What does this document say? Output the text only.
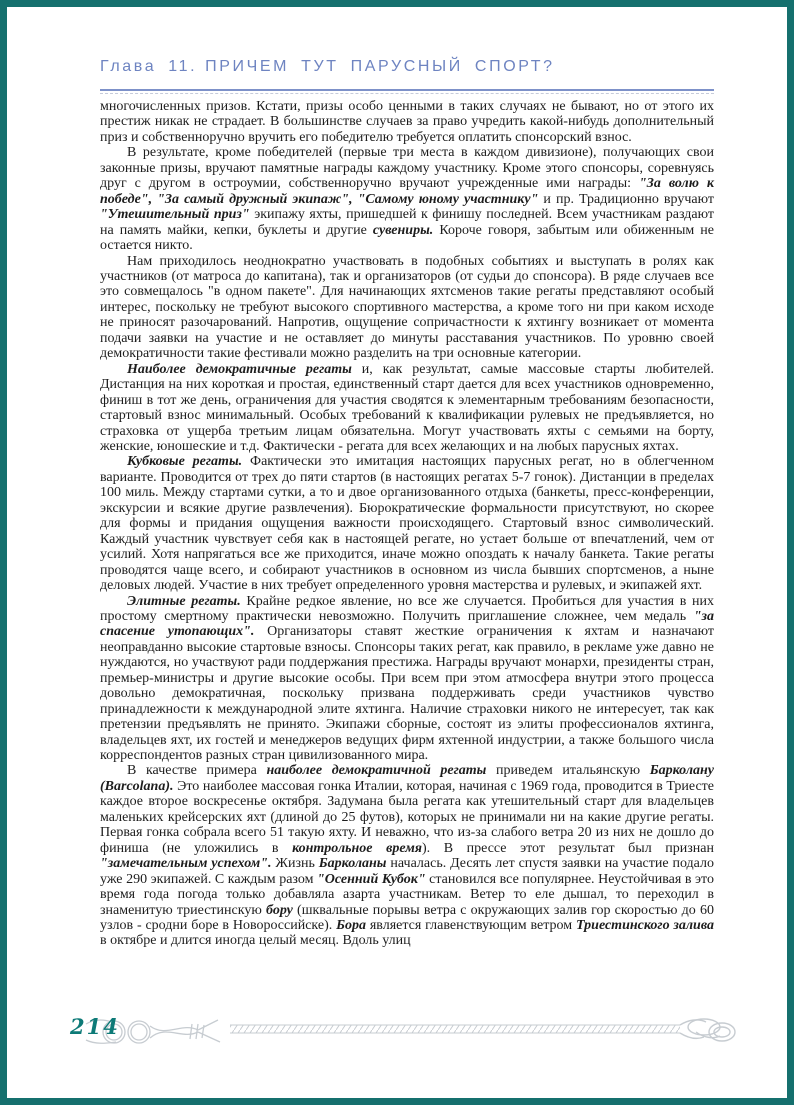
Глава 11. ПРИЧЕМ ТУТ ПАРУСНЫЙ СПОРТ?

многочисленных призов. Кстати, призы особо ценными в таких случаях не бывают, но от этого их престиж никак не страдает. В большинстве случаев за право учредить какой-нибудь дополнительный приз и собственноручно вручить его победителю требуется оплатить спонсорский взнос.

В результате, кроме победителей (первые три места в каждом дивизионе), получающих свои законные призы, вручают памятные награды каждому участнику. Кроме этого спонсоры, соревнуясь друг с другом в остроумии, собственноручно вручают учрежденные ими награды: "За волю к победе", "За самый дружный экипаж", "Самому юному участнику" и пр. Традиционно вручают "Утешительный приз" экипажу яхты, пришедшей к финишу последней. Всем участникам раздают на память майки, кепки, буклеты и другие сувениры. Короче говоря, забытым или обиженным не остается никто.

Нам приходилось неоднократно участвовать в подобных событиях и выступать в ролях как участников (от матроса до капитана), так и организаторов (от судьи до спонсора). В ряде случаев все это совмещалось "в одном пакете". Для начинающих яхтсменов такие регаты представляют особый интерес, поскольку не требуют высокого спортивного мастерства, а кроме того ни при каком исходе не приносят разочарований. Напротив, ощущение сопричастности к яхтингу возникает от момента подачи заявки на участие и не оставляет до минуты расставания участников. По уровню своей демократичности такие фестивали можно разделить на три основные категории.

Наиболее демократичные регаты и, как результат, самые массовые старты любителей. Дистанция на них короткая и простая, единственный старт дается для всех участников одновременно, финиш в тот же день, ограничения для участия сводятся к элементарным требованиям безопасности, стартовый взнос минимальный. Особых требований к квалификации рулевых не предъявляется, но страховка от ущерба третьим лицам обязательна. Могут участвовать яхты с семьями на борту, женские, юношеские и т.д. Фактически - регата для всех желающих и на любых парусных яхтах.

Кубковые регаты. Фактически это имитация настоящих парусных регат, но в облегченном варианте. Проводится от трех до пяти стартов (в настоящих регатах 5-7 гонок). Дистанции в пределах 100 миль. Между стартами сутки, а то и двое организованного отдыха (банкеты, пресс-конференции, экскурсии и всякие другие развлечения). Бюрократические формальности присутствуют, но скорее для формы и придания ощущения важности происходящего. Стартовый взнос символический. Каждый участник чувствует себя как в настоящей регате, но устает больше от впечатлений, чем от усилий. Хотя напрягаться все же приходится, иначе можно опоздать к началу банкета. Такие регаты проводятся чаще всего, и собирают участников в основном из числа бывших спортсменов, а ныне деловых людей. Участие в них требует определенного уровня мастерства и рулевых, и экипажей яхт.

Элитные регаты. Крайне редкое явление, но все же случается. Пробиться для участия в них простому смертному практически невозможно. Получить приглашение сложнее, чем медаль "за спасение утопающих". Организаторы ставят жесткие ограничения к яхтам и назначают неоправданно высокие стартовые взносы. Спонсоры таких регат, как правило, в рекламе уже давно не нуждаются, но участвуют ради поддержания престижа. Награды вручают монархи, президенты стран, премьер-министры и другие высокие особы. При всем при этом атмосфера внутри этого процесса довольно демократичная, поскольку призвана поддерживать среди участников чувство принадлежности к международной элите яхтинга. Наличие страховки никого не интересует, так как претензии предъявлять не принято. Экипажи сборные, состоят из элиты профессионалов яхтинга, владельцев яхт, их гостей и менеджеров ведущих фирм яхтенной индустрии, а также большого числа корреспондентов разных стран цивилизованного мира.

В качестве примера наиболее демократичной регаты приведем итальянскую Барколану (Barcolana). Это наиболее массовая гонка Италии, которая, начиная с 1969 года, проводится в Триесте каждое второе воскресенье октября. Задумана была регата как утешительный старт для владельцев маленьких крейсерских яхт (длиной до 25 футов), которых не принимали ни на какие другие регаты. Первая гонка собрала всего 51 такую яхту. И неважно, что из-за слабого ветра 20 из них не дошло до финиша (не уложились в контрольное время). В прессе этот результат был признан "замечательным успехом". Жизнь Барколаны началась. Десять лет спустя заявки на участие подало уже 290 экипажей. С каждым разом "Осенний Кубок" становился все популярнее. Неустойчивая в это время года погода только добавляла азарта участникам. Ветер то еле дышал, то переходил в знаменитую триестинскую бору (шквальные порывы ветра с окружающих залив гор скоростью до 60 узлов - сродни боре в Новороссийске). Бора является главенствующим ветром Триестинского залива в октябре и длится иногда целый месяц. Вдоль улиц

214
